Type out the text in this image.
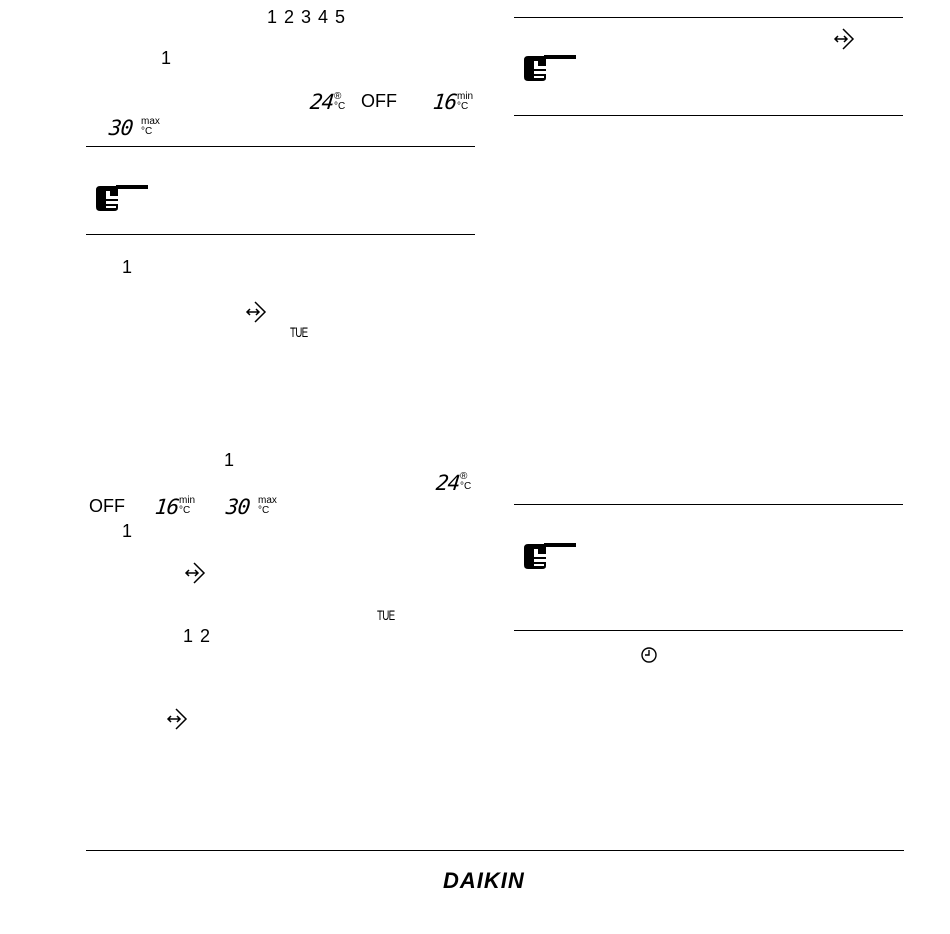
1 2 3 4 5
1
24 ®
°C OFF 16 min
°C
30 max
°C
1
TUE
1
24 ®
°C
OFF 16 min
°C 30 max
°C
1
TUE
1 2
DAIKIN
